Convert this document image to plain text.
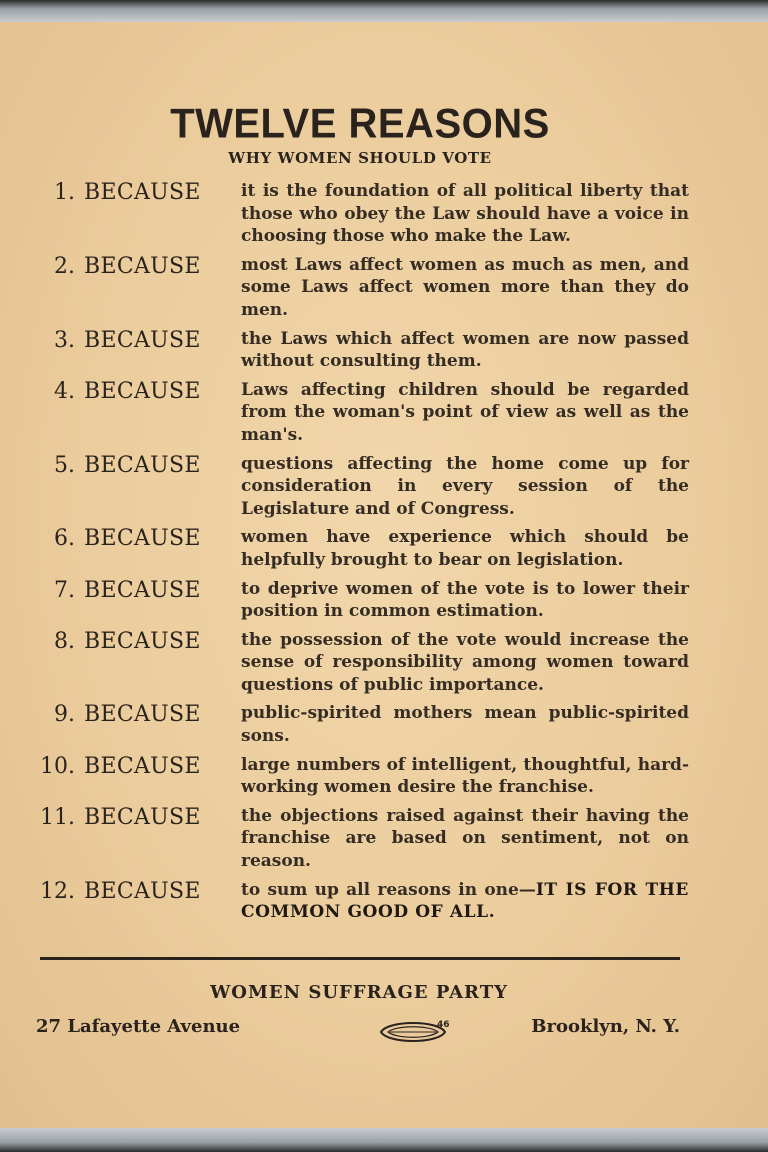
TWELVE REASONS
WHY WOMEN SHOULD VOTE
1. BECAUSE	it is the foundation of all political liberty that those who obey the Law should have a voice in choosing those who make the Law.
2. BECAUSE	most Laws affect women as much as men, and some Laws affect women more than they do men.
3. BECAUSE	the Laws which affect women are now passed without consulting them.
4. BECAUSE	Laws affecting children should be regarded from the woman's point of view as well as the man's.
5. BECAUSE	questions affecting the home come up for consideration in every session of the Legislature and of Congress.
6. BECAUSE	women have experience which should be helpfully brought to bear on legislation.
7. BECAUSE	to deprive women of the vote is to lower their position in common estimation.
8. BECAUSE	the possession of the vote would increase the sense of responsibility among women toward questions of public importance.
9. BECAUSE	public-spirited mothers mean public-spirited sons.
10. BECAUSE	large numbers of intelligent, thoughtful, hard-working women desire the franchise.
11. BECAUSE	the objections raised against their having the franchise are based on sentiment, not on reason.
12. BECAUSE	to sum up all reasons in one—IT IS FOR THE COMMON GOOD OF ALL.
WOMEN SUFFRAGE PARTY
27 Lafayette Avenue	46	Brooklyn, N. Y.
